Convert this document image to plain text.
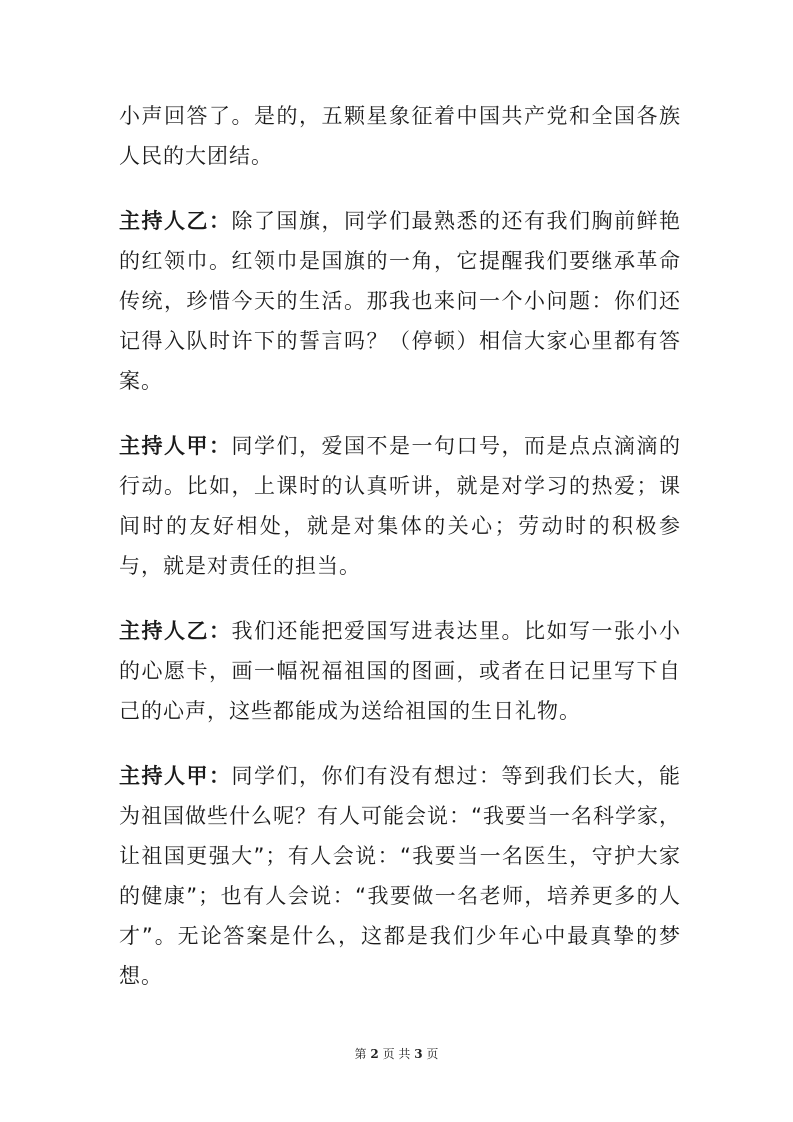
小声回答了。是的，五颗星象征着中国共产党和全国各族人民的大团结。

主持人乙：除了国旗，同学们最熟悉的还有我们胸前鲜艳的红领巾。红领巾是国旗的一角，它提醒我们要继承革命传统，珍惜今天的生活。那我也来问一个小问题：你们还记得入队时许下的誓言吗？（停顿）相信大家心里都有答案。

主持人甲：同学们，爱国不是一句口号，而是点点滴滴的行动。比如，上课时的认真听讲，就是对学习的热爱；课间时的友好相处，就是对集体的关心；劳动时的积极参与，就是对责任的担当。

主持人乙：我们还能把爱国写进表达里。比如写一张小小的心愿卡，画一幅祝福祖国的图画，或者在日记里写下自己的心声，这些都能成为送给祖国的生日礼物。

主持人甲：同学们，你们有没有想过：等到我们长大，能为祖国做些什么呢？有人可能会说：“我要当一名科学家，让祖国更强大”；有人会说：“我要当一名医生，守护大家的健康”；也有人会说：“我要做一名老师，培养更多的人才”。无论答案是什么，这都是我们少年心中最真挚的梦想。

第 2 页 共 3 页
